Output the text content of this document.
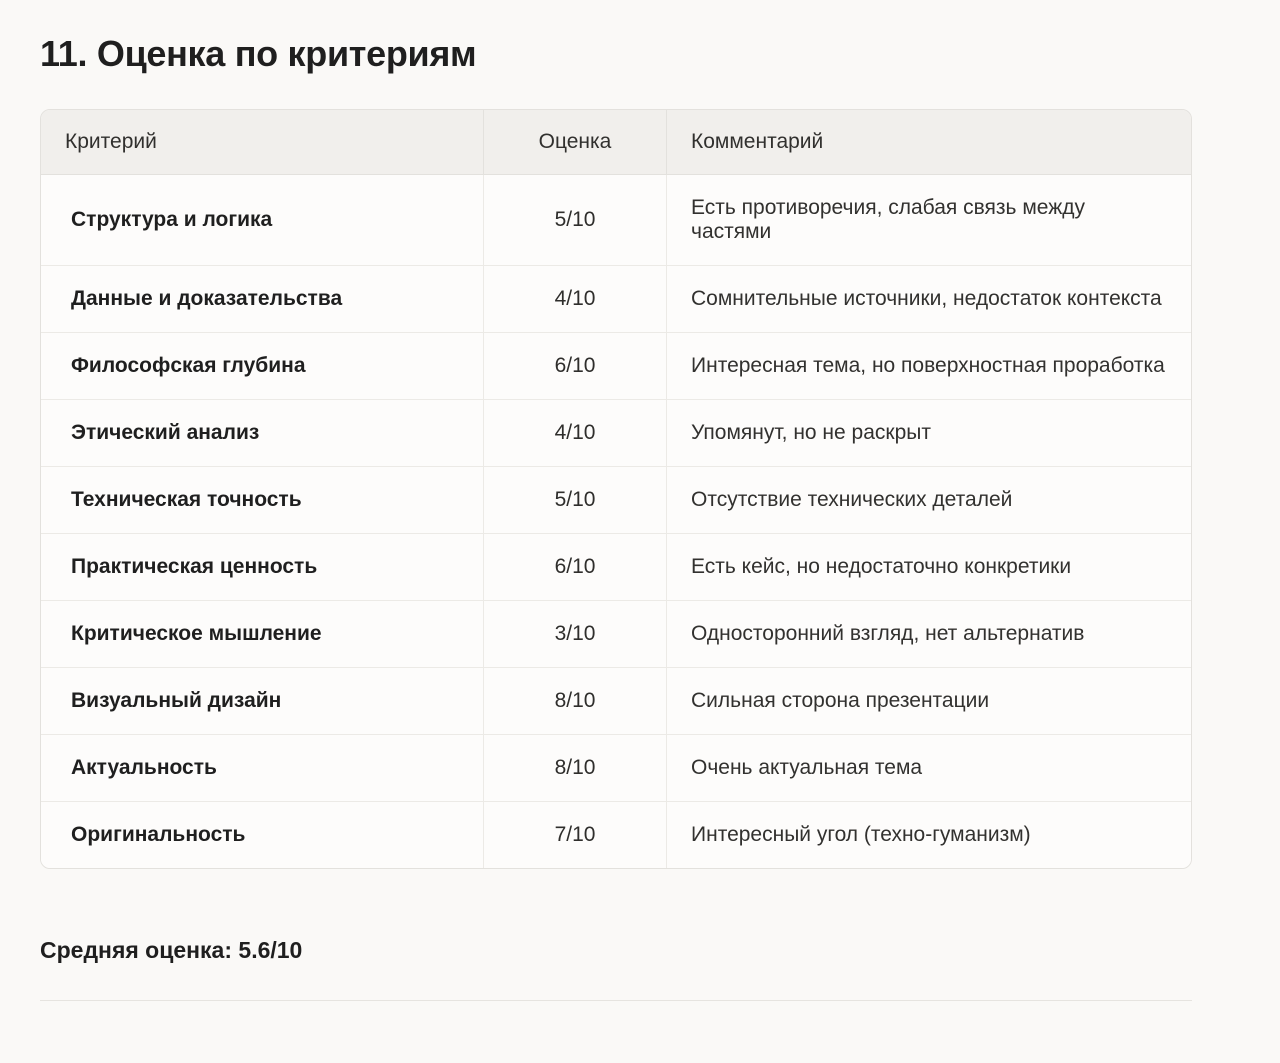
11. Оценка по критериям
Критерий	Оценка	Комментарий
Структура и логика	5/10	Есть противоречия, слабая связь между частями
Данные и доказательства	4/10	Сомнительные источники, недостаток контекста
Философская глубина	6/10	Интересная тема, но поверхностная проработка
Этический анализ	4/10	Упомянут, но не раскрыт
Техническая точность	5/10	Отсутствие технических деталей
Практическая ценность	6/10	Есть кейс, но недостаточно конкретики
Критическое мышление	3/10	Односторонний взгляд, нет альтернатив
Визуальный дизайн	8/10	Сильная сторона презентации
Актуальность	8/10	Очень актуальная тема
Оригинальность	7/10	Интересный угол (техно-гуманизм)
Средняя оценка: 5.6/10
